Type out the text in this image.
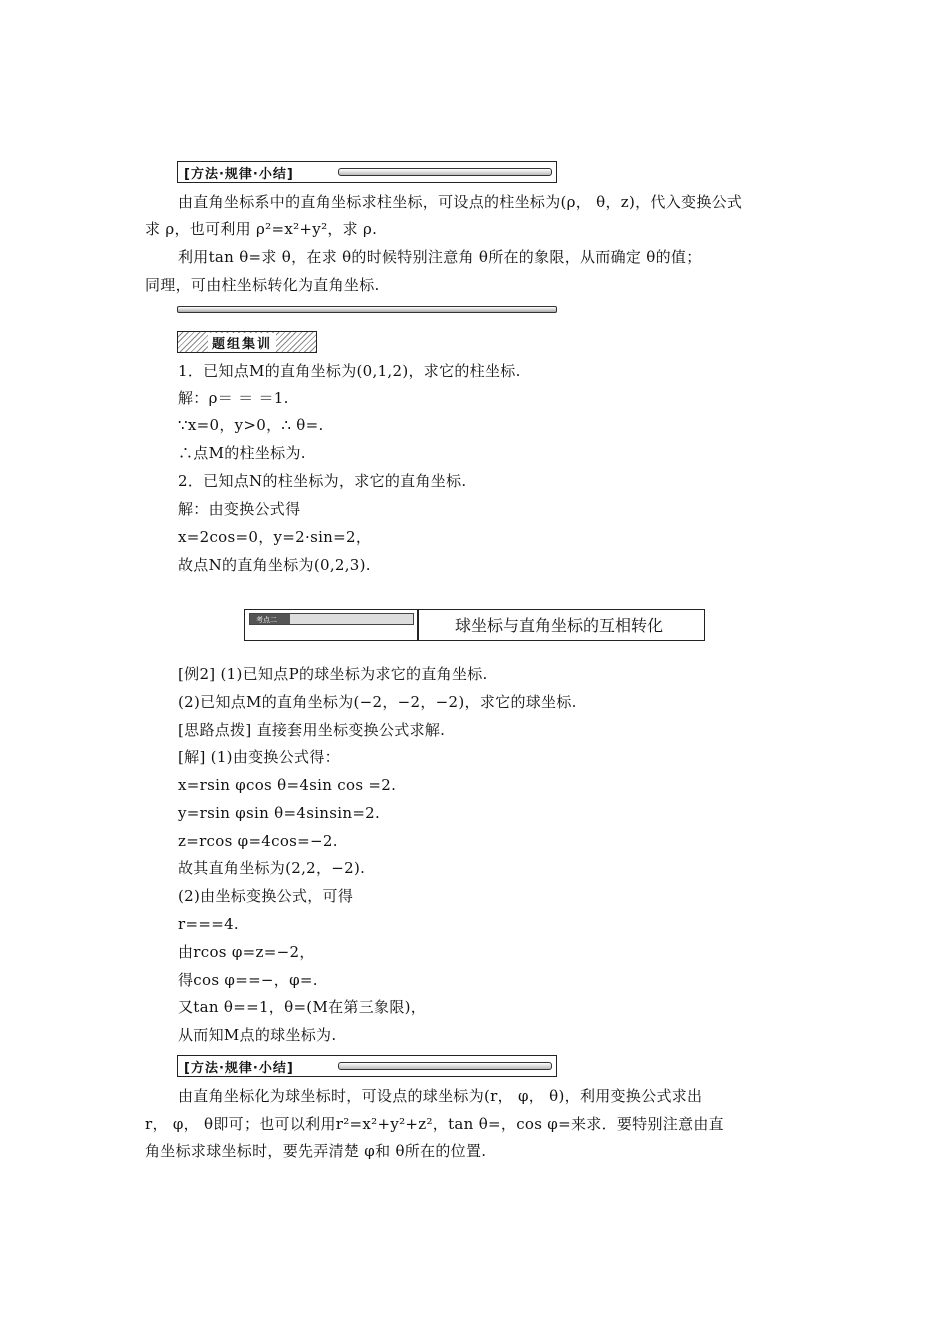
[方法·规律·小结]
由直角坐标系中的直角坐标求柱坐标，可设点的柱坐标为(ρ， θ，z)，代入变换公式
求 ρ，也可利用 ρ²=x²+y²，求 ρ.
利用tan θ=求 θ，在求 θ的时候特别注意角 θ所在的象限，从而确定 θ的值；
同理，可由柱坐标转化为直角坐标.
题组集训
1．已知点M的直角坐标为(0,1,2)，求它的柱坐标.
解：ρ＝ ＝ ＝1.
∵x=0，y>0，∴ θ=.
∴点M的柱坐标为.
2．已知点N的柱坐标为，求它的直角坐标.
解：由变换公式得
x=2cos=0，y=2·sin=2，
故点N的直角坐标为(0,2,3).
考点二	球坐标与直角坐标的互相转化
[例2] (1)已知点P的球坐标为求它的直角坐标.
(2)已知点M的直角坐标为(−2，−2，−2)，求它的球坐标.
[思路点拨] 直接套用坐标变换公式求解.
[解] (1)由变换公式得：
x=rsin φcos θ=4sin cos =2.
y=rsin φsin θ=4sinsin=2.
z=rcos φ=4cos=−2.
故其直角坐标为(2,2，−2).
(2)由坐标变换公式，可得
r===4.
由rcos φ=z=−2，
得cos φ==−，φ=.
又tan θ==1，θ=(M在第三象限)，
从而知M点的球坐标为.
[方法·规律·小结]
由直角坐标化为球坐标时，可设点的球坐标为(r， φ， θ)，利用变换公式求出
r， φ， θ即可；也可以利用r²=x²+y²+z²，tan θ=，cos φ=来求．要特别注意由直
角坐标求球坐标时，要先弄清楚 φ和 θ所在的位置.
